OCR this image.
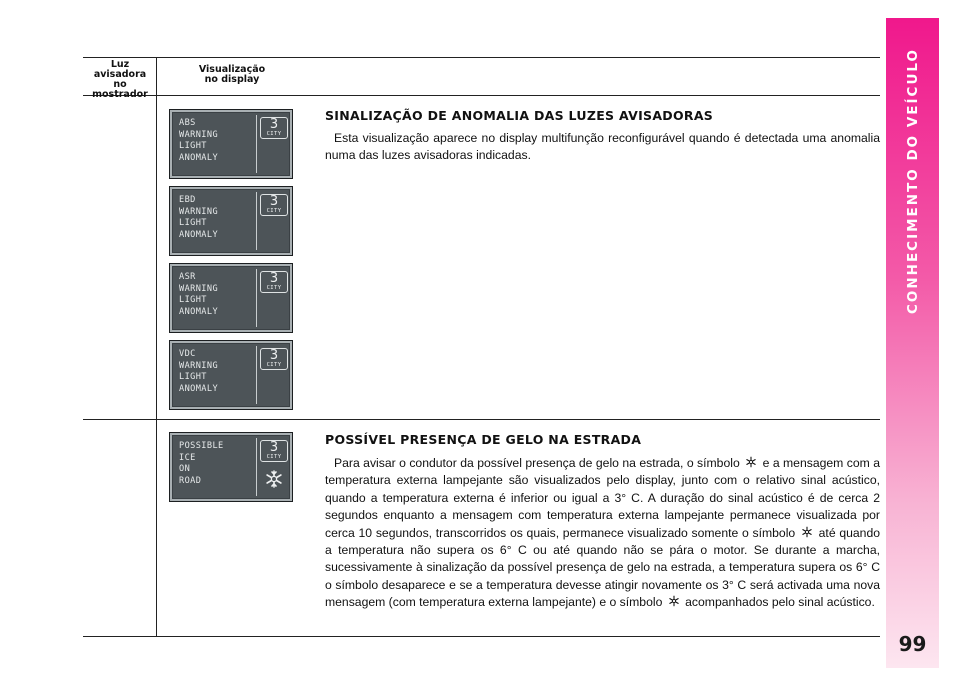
CONHECIMENTO DO VEÍCULO
99
Luz
avisadora
no mostrador
Visualização
no display
ABS
WARNING
LIGHT
ANOMALY
3
CITY
EBD
WARNING
LIGHT
ANOMALY
3
CITY
ASR
WARNING
LIGHT
ANOMALY
3
CITY
VDC
WARNING
LIGHT
ANOMALY
3
CITY
POSSIBLE
ICE
ON
ROAD
3
CITY
SINALIZAÇÃO DE ANOMALIA DAS LUZES AVISADORAS

Esta visualização aparece no display multifunção reconfigurável quando é detectada uma anomalia numa das luzes avisadoras indicadas.

POSSÍVEL PRESENÇA DE GELO NA ESTRADA

Para avisar o condutor da possível presença de gelo na estrada, o símbolo e a mensagem com a temperatura externa lampejante são visualizados pelo display, junto com o relativo sinal acústico, quando a temperatura externa é inferior ou igual a 3° C. A duração do sinal acústico é de cerca 2 segundos enquanto a mensagem com temperatura externa lampejante permanece visualizada por cerca 10 segundos, transcorridos os quais, permanece visualizado somente o símbolo até quando a temperatura não supera os 6° C ou até quando não se pára o motor. Se durante a marcha, sucessivamente à sinalização da possível presença de gelo na estrada, a temperatura supera os 6° C o símbolo desaparece e se a temperatura devesse atingir novamente os 3° C será activada uma nova mensagem (com temperatura externa lampejante) e o símbolo acompanhados pelo sinal acústico.
